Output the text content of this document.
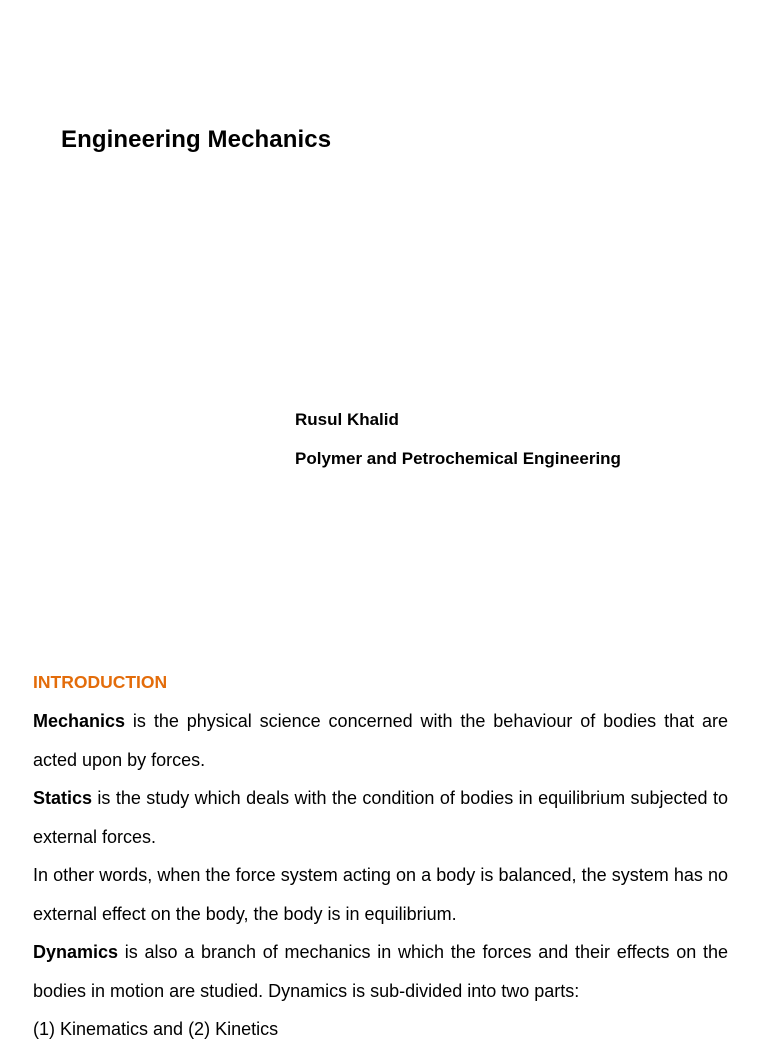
Engineering Mechanics
Rusul Khalid
Polymer and Petrochemical Engineering
INTRODUCTION

Mechanics is the physical science concerned with the behaviour of bodies that are acted upon by forces.

Statics is the study which deals with the condition of bodies in equilibrium subjected to external forces.

In other words, when the force system acting on a body is balanced, the system has no external effect on the body, the body is in equilibrium.

Dynamics is also a branch of mechanics in which the forces and their effects on the bodies in motion are studied. Dynamics is sub-divided into two parts:

(1) Kinematics and (2) Kinetics
